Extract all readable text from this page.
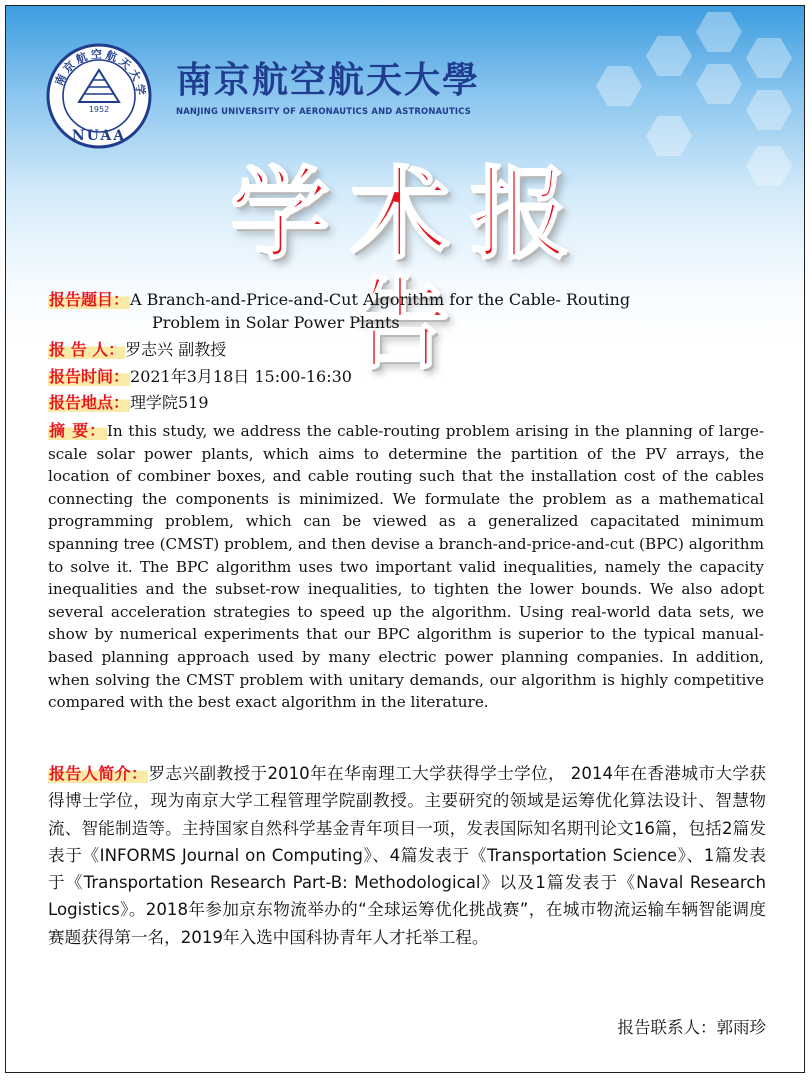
南京航空航天大学
1952
NUAA
南京航空航天大學
NANJING UNIVERSITY OF AERONAUTICS AND ASTRONAUTICS
学术报告
报告题目：A Branch-and-Price-and-Cut Algorithm for the Cable- Routing
Problem in Solar Power Plants
报 告 人：罗志兴 副教授
报告时间：2021年3月18日 15:00-16:30
报告地点：理学院519

摘 要：In this study, we address the cable-routing problem arising in the planning of large-scale solar power plants, which aims to determine the partition of the PV arrays, the location of combiner boxes, and cable routing such that the installation cost of the cables connecting the components is minimized. We formulate the problem as a mathematical programming problem, which can be viewed as a generalized capacitated minimum spanning tree (CMST) problem, and then devise a branch-and-price-and-cut (BPC) algorithm to solve it. The BPC algorithm uses two important valid inequalities, namely the capacity inequalities and the subset-row inequalities, to tighten the lower bounds. We also adopt several acceleration strategies to speed up the algorithm. Using real-world data sets, we show by numerical experiments that our BPC algorithm is superior to the typical manual-based planning approach used by many electric power planning companies. In addition, when solving the CMST problem with unitary demands, our algorithm is highly competitive compared with the best exact algorithm in the literature.

报告人简介：罗志兴副教授于2010年在华南理工大学获得学士学位， 2014年在香港城市大学获得博士学位，现为南京大学工程管理学院副教授。主要研究的领域是运筹优化算法设计、智慧物流、智能制造等。主持国家自然科学基金青年项目一项，发表国际知名期刊论文16篇，包括2篇发表于《INFORMS Journal on Computing》、4篇发表于《Transportation Science》、1篇发表于《Transportation Research Part-B: Methodological》以及1篇发表于《Naval Research Logistics》。2018年参加京东物流举办的“全球运筹优化挑战赛”，在城市物流运输车辆智能调度赛题获得第一名，2019年入选中国科协青年人才托举工程。

报告联系人：郭雨珍
